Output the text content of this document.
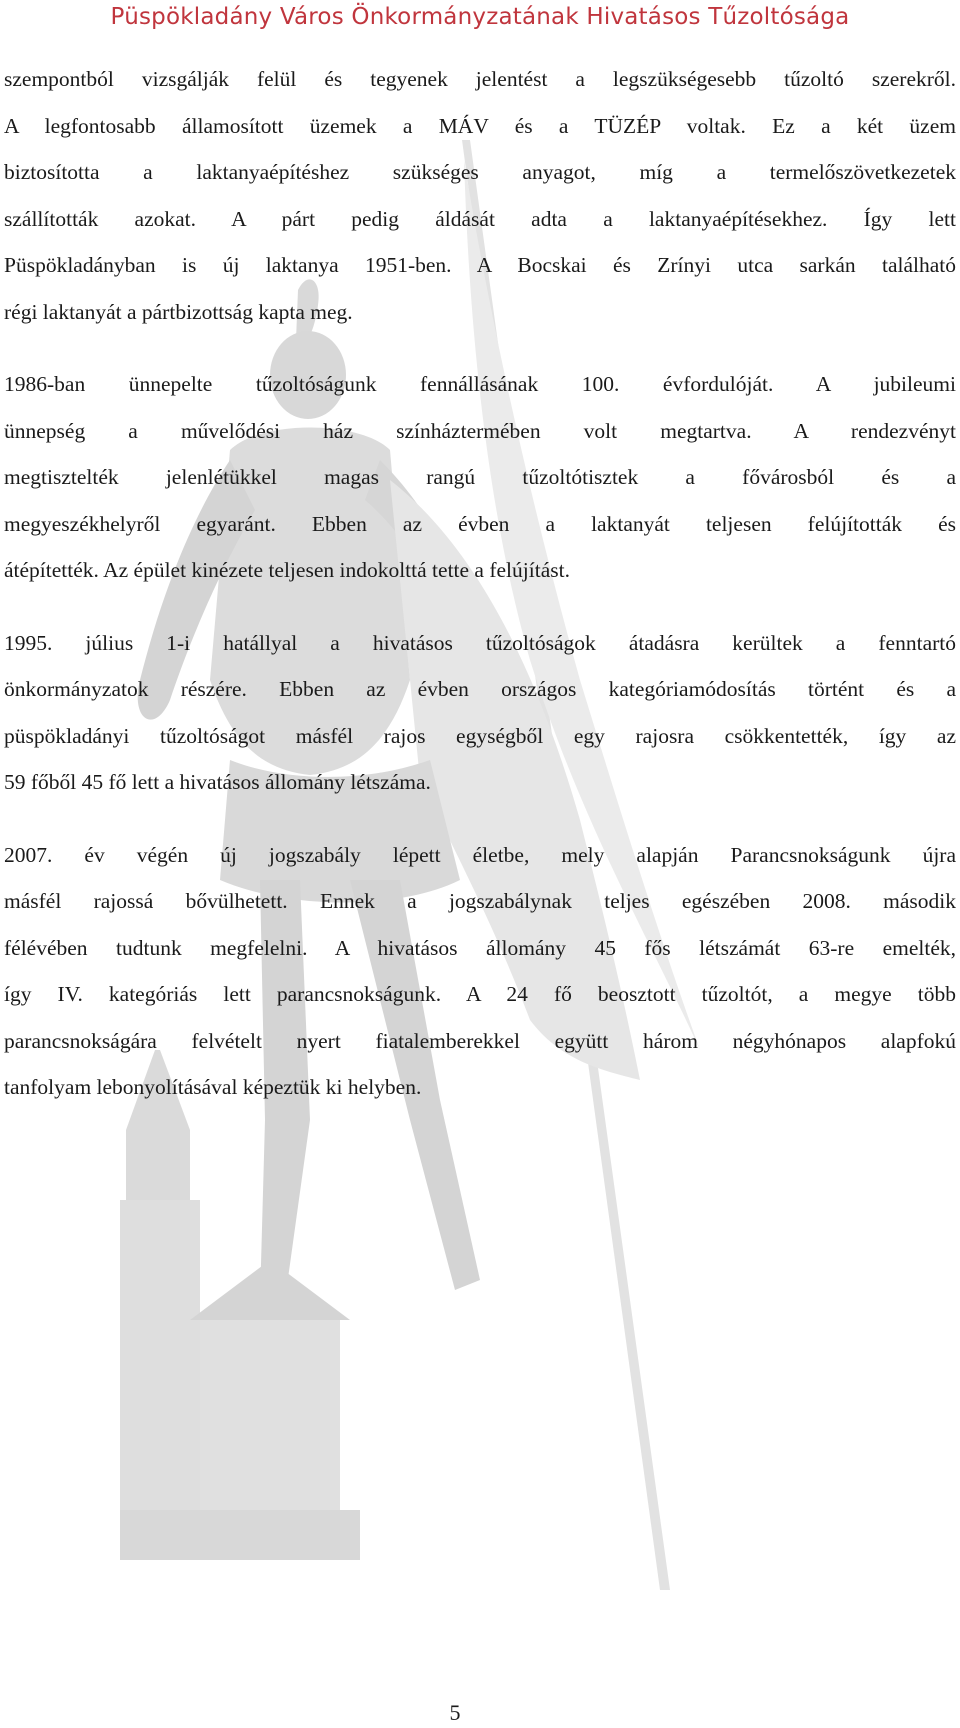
Püspökladány Város Önkormányzatának Hivatásos Tűzoltósága

szempontból vizsgálják felül és tegyenek jelentést a legszükségesebb tűzoltó szerekről.
A legfontosabb államosított üzemek a MÁV és a TÜZÉP voltak. Ez a két üzem
biztosította a laktanyaépítéshez szükséges anyagot, míg a termelőszövetkezetek
szállították azokat. A párt pedig áldását adta a laktanyaépítésekhez. Így lett
Püspökladányban is új laktanya 1951-ben. A Bocskai és Zrínyi utca sarkán található
régi laktanyát a pártbizottság kapta meg.

1986-ban ünnepelte tűzoltóságunk fennállásának 100. évfordulóját. A jubileumi
ünnepség a művelődési ház színháztermében volt megtartva. A rendezvényt
megtisztelték jelenlétükkel magas rangú tűzoltótisztek a fővárosból és a
megyeszékhelyről egyaránt. Ebben az évben a laktanyát teljesen felújították és
átépítették. Az épület kinézete teljesen indokolttá tette a felújítást.

1995. július 1-i hatállyal a hivatásos tűzoltóságok átadásra kerültek a fenntartó
önkormányzatok részére. Ebben az évben országos kategóriamódosítás történt és a
püspökladányi tűzoltóságot másfél rajos egységből egy rajosra csökkentették, így az
59 főből 45 fő lett a hivatásos állomány létszáma.

2007. év végén új jogszabály lépett életbe, mely alapján Parancsnokságunk újra
másfél rajossá bővülhetett. Ennek a jogszabálynak teljes egészében 2008. második
félévében tudtunk megfelelni. A hivatásos állomány 45 fős létszámát 63-re emelték,
így IV. kategóriás lett parancsnokságunk. A 24 fő beosztott tűzoltót, a megye több
parancsnokságára felvételt nyert fiatalemberekkel együtt három négyhónapos alapfokú
tanfolyam lebonyolításával képeztük ki helyben.

5
